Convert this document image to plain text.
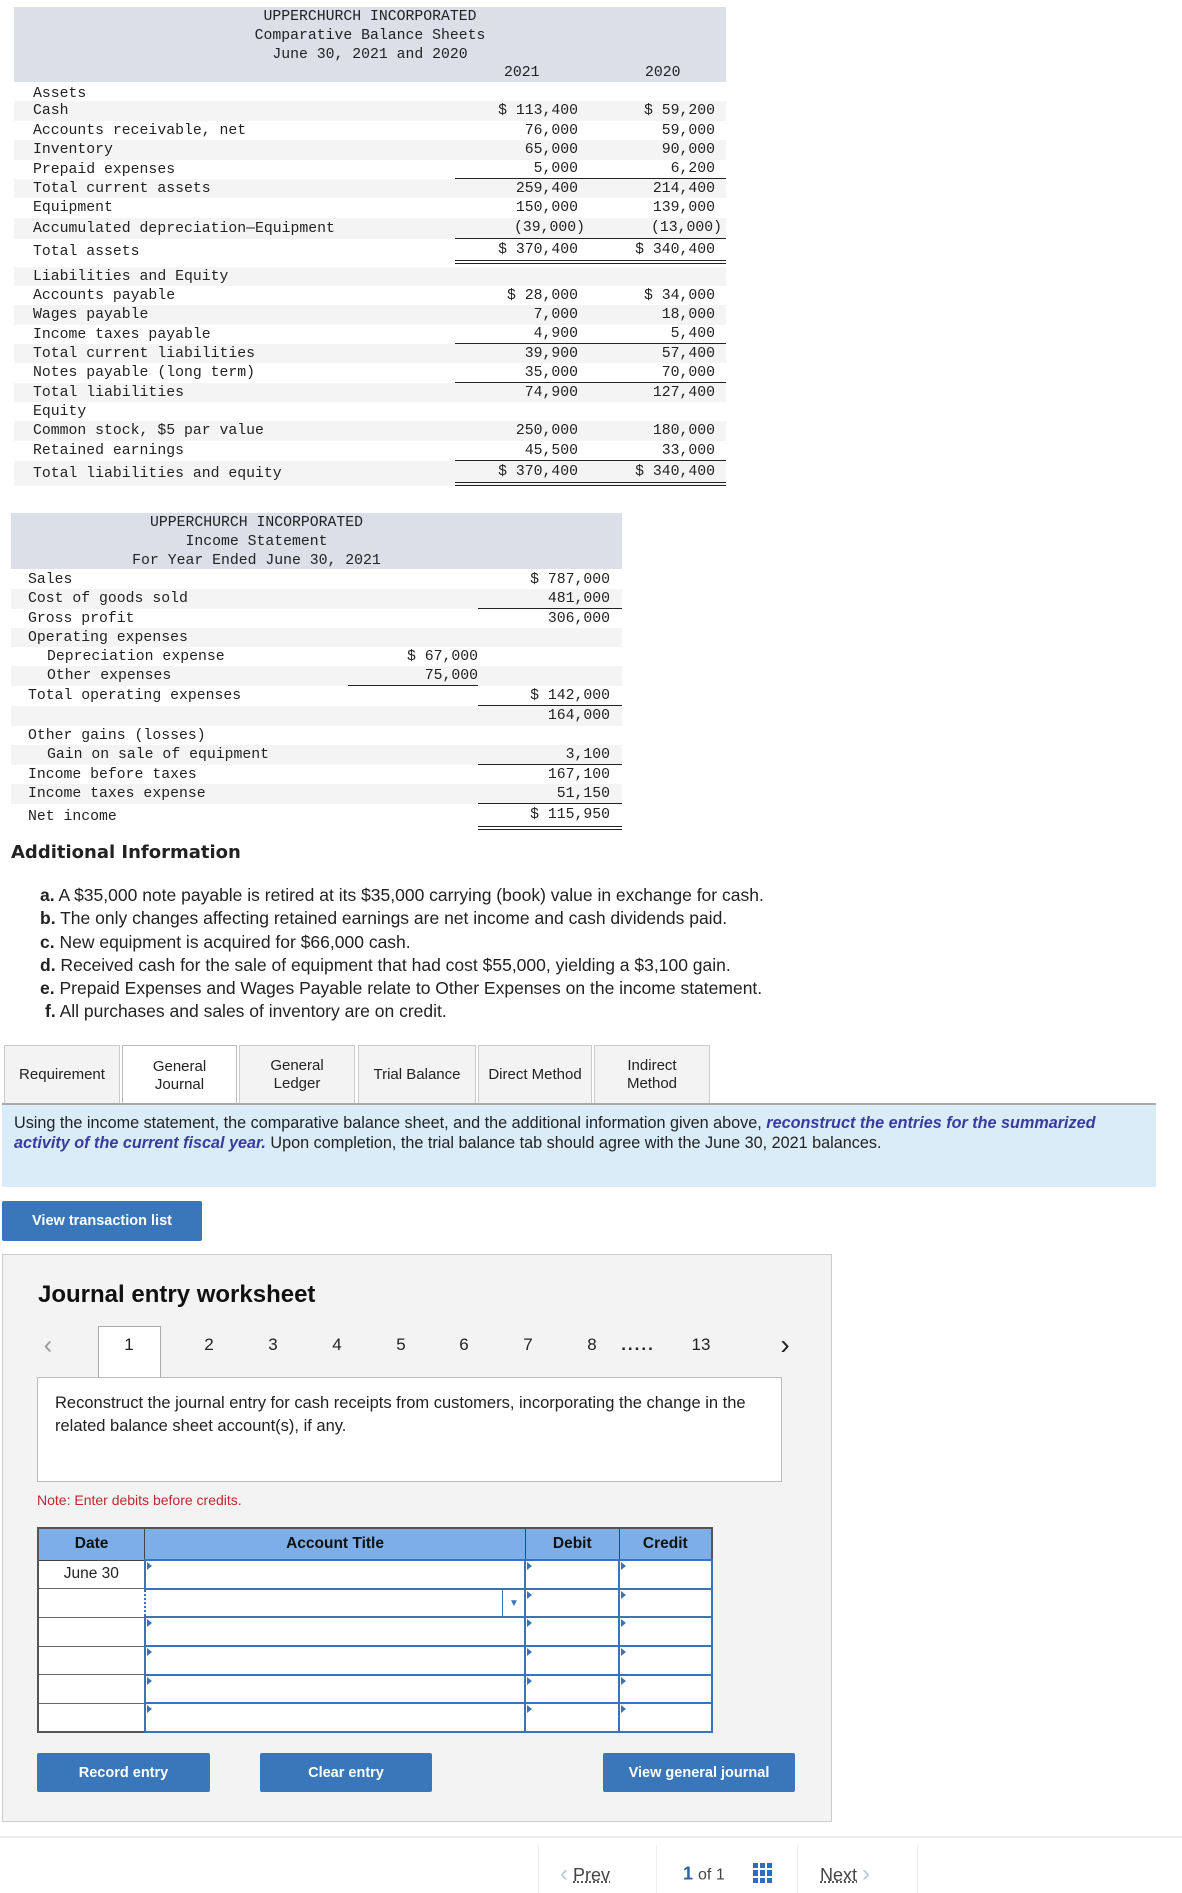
UPPERCHURCH INCORPORATED
Comparative Balance Sheets
June 30, 2021 and 2020
2021	2020
Assets
Cash	$ 113,400	$ 59,200
Accounts receivable, net	76,000	59,000
Inventory	65,000	90,000
Prepaid expenses	5,000	6,200
Total current assets	259,400	214,400
Equipment	150,000	139,000
Accumulated depreciation—Equipment	(39,000)	(13,000)
Total assets	$ 370,400	$ 340,400
Liabilities and Equity
Accounts payable	$ 28,000	$ 34,000
Wages payable	7,000	18,000
Income taxes payable	4,900	5,400
Total current liabilities	39,900	57,400
Notes payable (long term)	35,000	70,000
Total liabilities	74,900	127,400
Equity
Common stock, $5 par value	250,000	180,000
Retained earnings	45,500	33,000
Total liabilities and equity	$ 370,400	$ 340,400
UPPERCHURCH INCORPORATED
Income Statement
For Year Ended June 30, 2021
Sales	$ 787,000
Cost of goods sold	481,000
Gross profit	306,000
Operating expenses
Depreciation expense	$ 67,000
Other expenses	75,000
Total operating expenses	$ 142,000
164,000
Other gains (losses)
Gain on sale of equipment	3,100
Income before taxes	167,100
Income taxes expense	51,150
Net income	$ 115,950
Additional Information
a. A $35,000 note payable is retired at its $35,000 carrying (book) value in exchange for cash.
b. The only changes affecting retained earnings are net income and cash dividends paid.
c. New equipment is acquired for $66,000 cash.
d. Received cash for the sale of equipment that had cost $55,000, yielding a $3,100 gain.
e. Prepaid Expenses and Wages Payable relate to Other Expenses on the income statement.
f. All purchases and sales of inventory are on credit.
Requirement	General Journal
General Ledger
Trial Balance	Direct Method
Indirect Method
Using the income statement, the comparative balance sheet, and the additional information given above, reconstruct the entries for the summarized activity of the current fiscal year. Upon completion, the trial balance tab should agree with the June 30, 2021 balances.
View transaction list
Journal entry worksheet
‹	1	2	3	4	5	6	7	8 ..... 13 ›
Reconstruct the journal entry for cash receipts from customers, incorporating the change in the related balance sheet account(s), if any.
Note: Enter debits before credits.
Date	Account Title	Debit	Credit
June 30			

▼		

Record entry	Clear entry	View general journal
‹ Prev	1 of 1	Next ›
